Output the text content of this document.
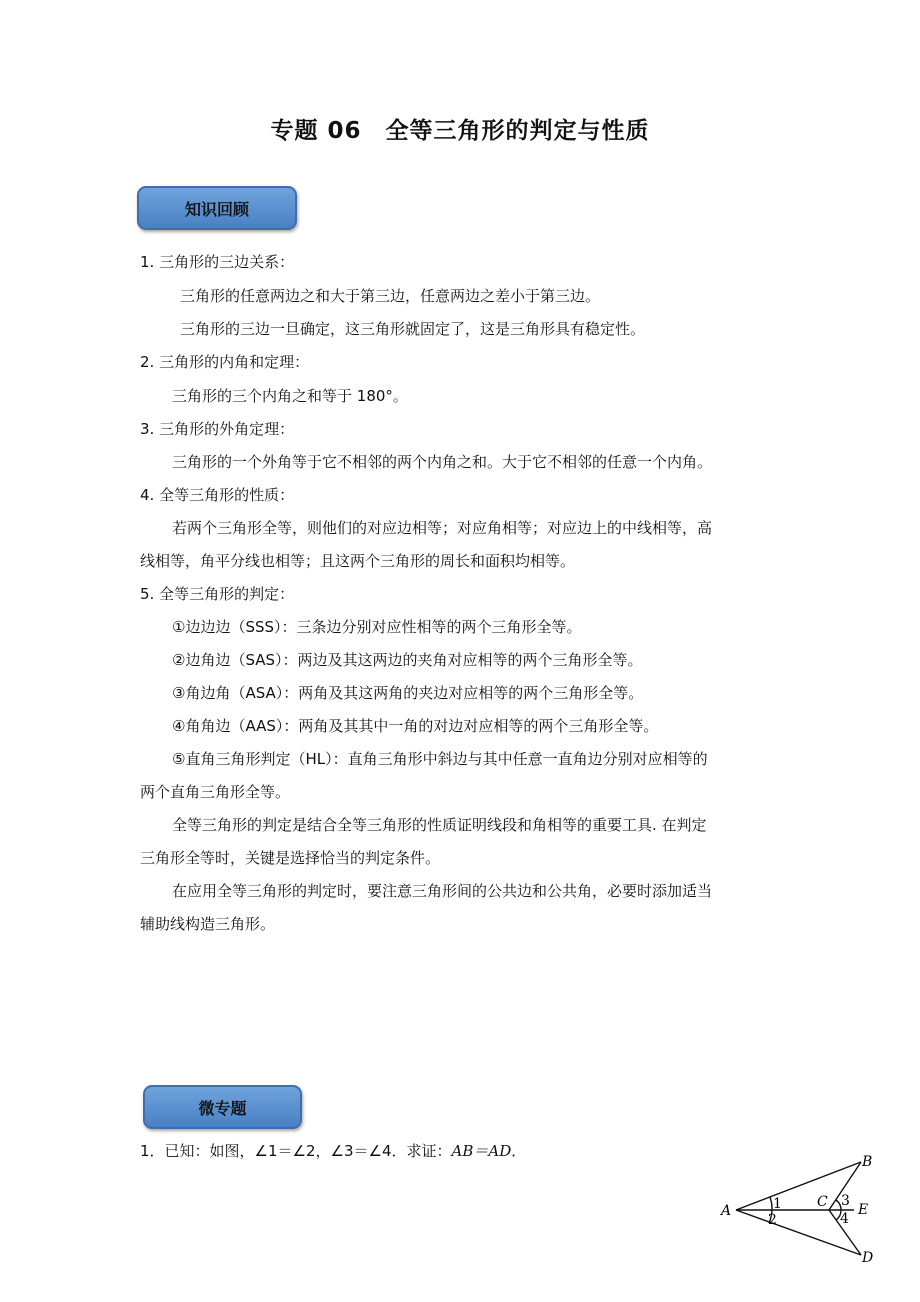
专题 06　全等三角形的判定与性质
知识回顾
1. 三角形的三边关系：
三角形的任意两边之和大于第三边，任意两边之差小于第三边。
三角形的三边一旦确定，这三角形就固定了，这是三角形具有稳定性。
2. 三角形的内角和定理：
三角形的三个内角之和等于 180°。
3. 三角形的外角定理：
三角形的一个外角等于它不相邻的两个内角之和。大于它不相邻的任意一个内角。
4. 全等三角形的性质：
若两个三角形全等，则他们的对应边相等；对应角相等；对应边上的中线相等，高
线相等，角平分线也相等；且这两个三角形的周长和面积均相等。
5. 全等三角形的判定：
①边边边（SSS）：三条边分别对应性相等的两个三角形全等。
②边角边（SAS）：两边及其这两边的夹角对应相等的两个三角形全等。
③角边角（ASA）：两角及其这两角的夹边对应相等的两个三角形全等。
④角角边（AAS）：两角及其其中一角的对边对应相等的两个三角形全等。
⑤直角三角形判定（HL）：直角三角形中斜边与其中任意一直角边分别对应相等的
两个直角三角形全等。
全等三角形的判定是结合全等三角形的性质证明线段和角相等的重要工具. 在判定
三角形全等时，关键是选择恰当的判定条件。
在应用全等三角形的判定时，要注意三角形间的公共边和公共角，必要时添加适当
辅助线构造三角形。
微专题
1．已知：如图，∠1＝∠2，∠3＝∠4．求证：AB＝AD．
A
B
C E
D
1
2
3
4
